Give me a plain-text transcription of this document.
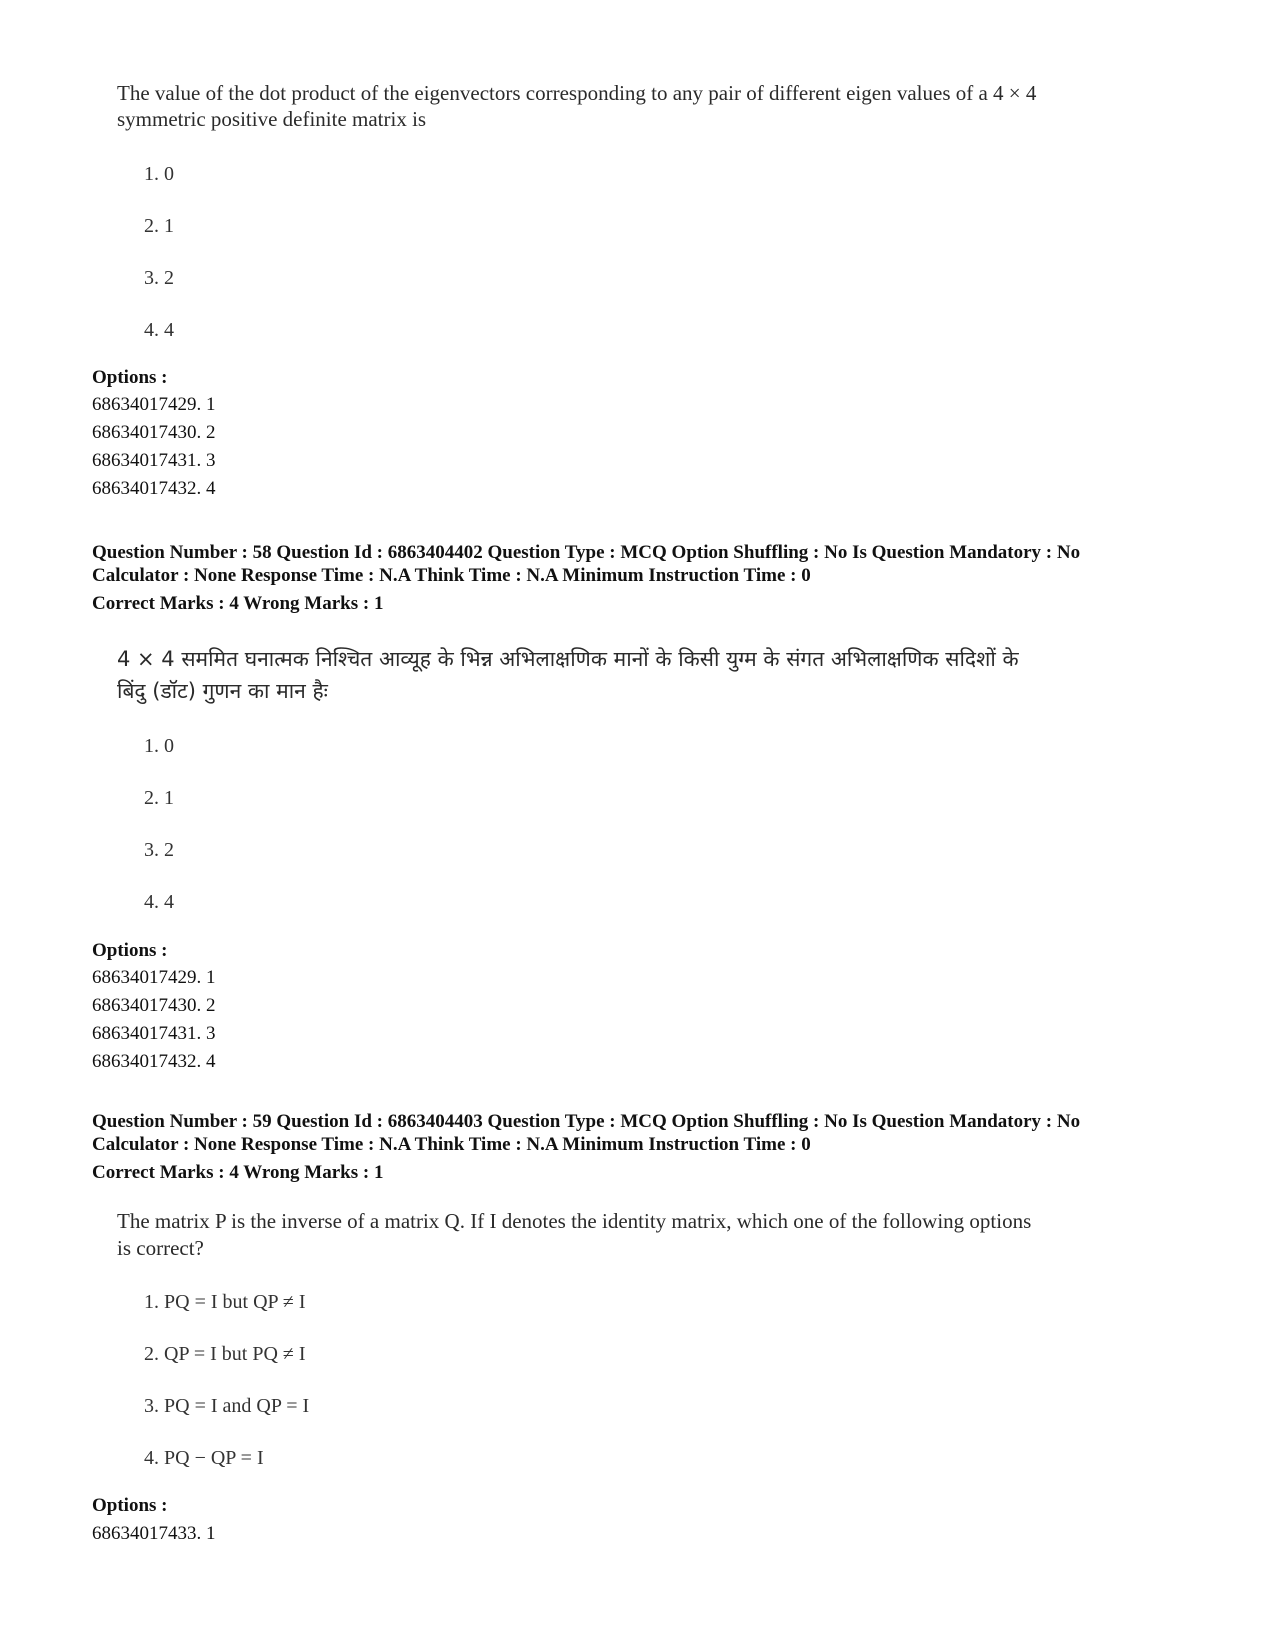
The value of the dot product of the eigenvectors corresponding to any pair of different eigen values of a 4 × 4
symmetric positive definite matrix is
1. 0
2. 1
3. 2
4. 4
Options :
68634017429. 1
68634017430. 2
68634017431. 3
68634017432. 4
Question Number : 58 Question Id : 6863404402 Question Type : MCQ Option Shuffling : No Is Question Mandatory : No
Calculator : None Response Time : N.A Think Time : N.A Minimum Instruction Time : 0
Correct Marks : 4 Wrong Marks : 1
4 × 4 सममित घनात्मक निश्चित आव्यूह के भिन्न अभिलाक्षणिक मानों के किसी युग्म के संगत अभिलाक्षणिक सदिशों के
बिंदु (डॉट) गुणन का मान हैः
1. 0
2. 1
3. 2
4. 4
Options :
68634017429. 1
68634017430. 2
68634017431. 3
68634017432. 4
Question Number : 59 Question Id : 6863404403 Question Type : MCQ Option Shuffling : No Is Question Mandatory : No
Calculator : None Response Time : N.A Think Time : N.A Minimum Instruction Time : 0
Correct Marks : 4 Wrong Marks : 1
The matrix P is the inverse of a matrix Q. If I denotes the identity matrix, which one of the following options
is correct?
1. PQ = I but QP ≠ I
2. QP = I but PQ ≠ I
3. PQ = I and QP = I
4. PQ − QP = I
Options :
68634017433. 1
